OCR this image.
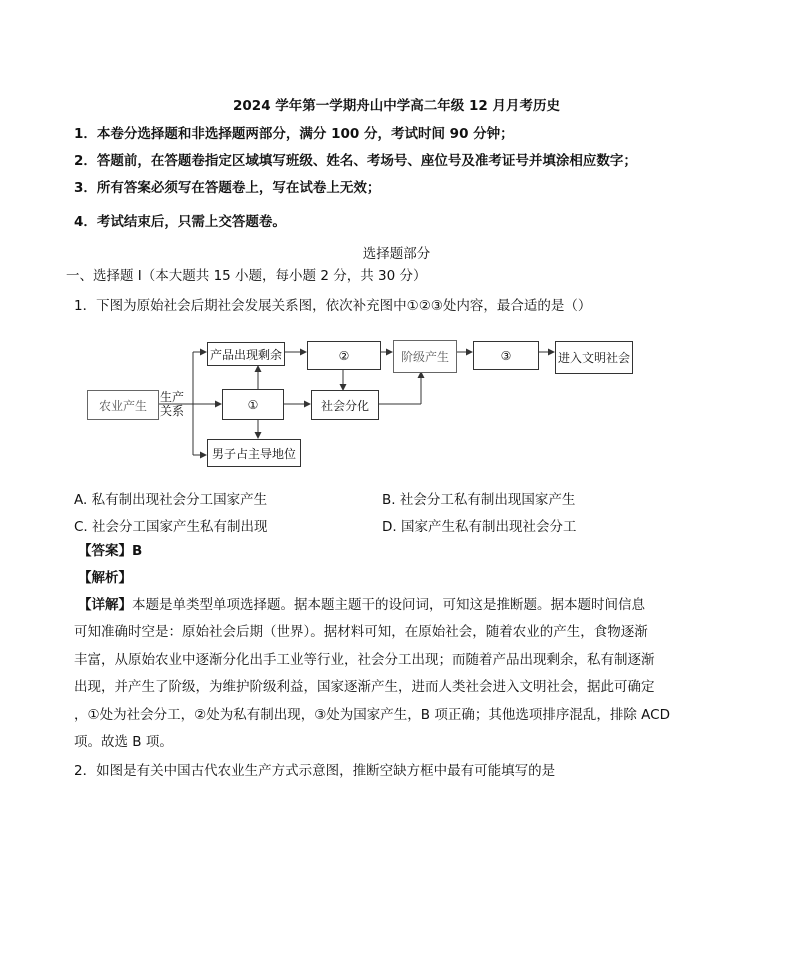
2024 学年第一学期舟山中学高二年级 12 月月考历史
1．本卷分选择题和非选择题两部分，满分 100 分，考试时间 90 分钟；
2．答题前，在答题卷指定区域填写班级、姓名、考场号、座位号及准考证号并填涂相应数字；
3．所有答案必须写在答题卷上，写在试卷上无效；
4．考试结束后，只需上交答题卷。
选择题部分
一、选择题 I（本大题共 15 小题，每小题 2 分，共 30 分）
1．下图为原始社会后期社会发展关系图，依次补充图中①②③处内容，最合适的是（）
农业产生
生产
关系
产品出现剩余
①
男子占主导地位
②
社会分化
阶级产生	③	进入文明社会
A. 私有制出现社会分工国家产生	B. 社会分工私有制出现国家产生
C. 社会分工国家产生私有制出现	D. 国家产生私有制出现社会分工
【答案】B
【解析】
【详解】本题是单类型单项选择题。据本题主题干的设问词，可知这是推断题。据本题时间信息
可知准确时空是：原始社会后期（世界）。据材料可知，在原始社会，随着农业的产生，食物逐渐
丰富，从原始农业中逐渐分化出手工业等行业，社会分工出现；而随着产品出现剩余，私有制逐渐
出现，并产生了阶级，为维护阶级利益，国家逐渐产生，进而人类社会进入文明社会，据此可确定
，①处为社会分工，②处为私有制出现，③处为国家产生，B 项正确；其他选项排序混乱，排除 ACD
项。故选 B 项。
2．如图是有关中国古代农业生产方式示意图，推断空缺方框中最有可能填写的是
